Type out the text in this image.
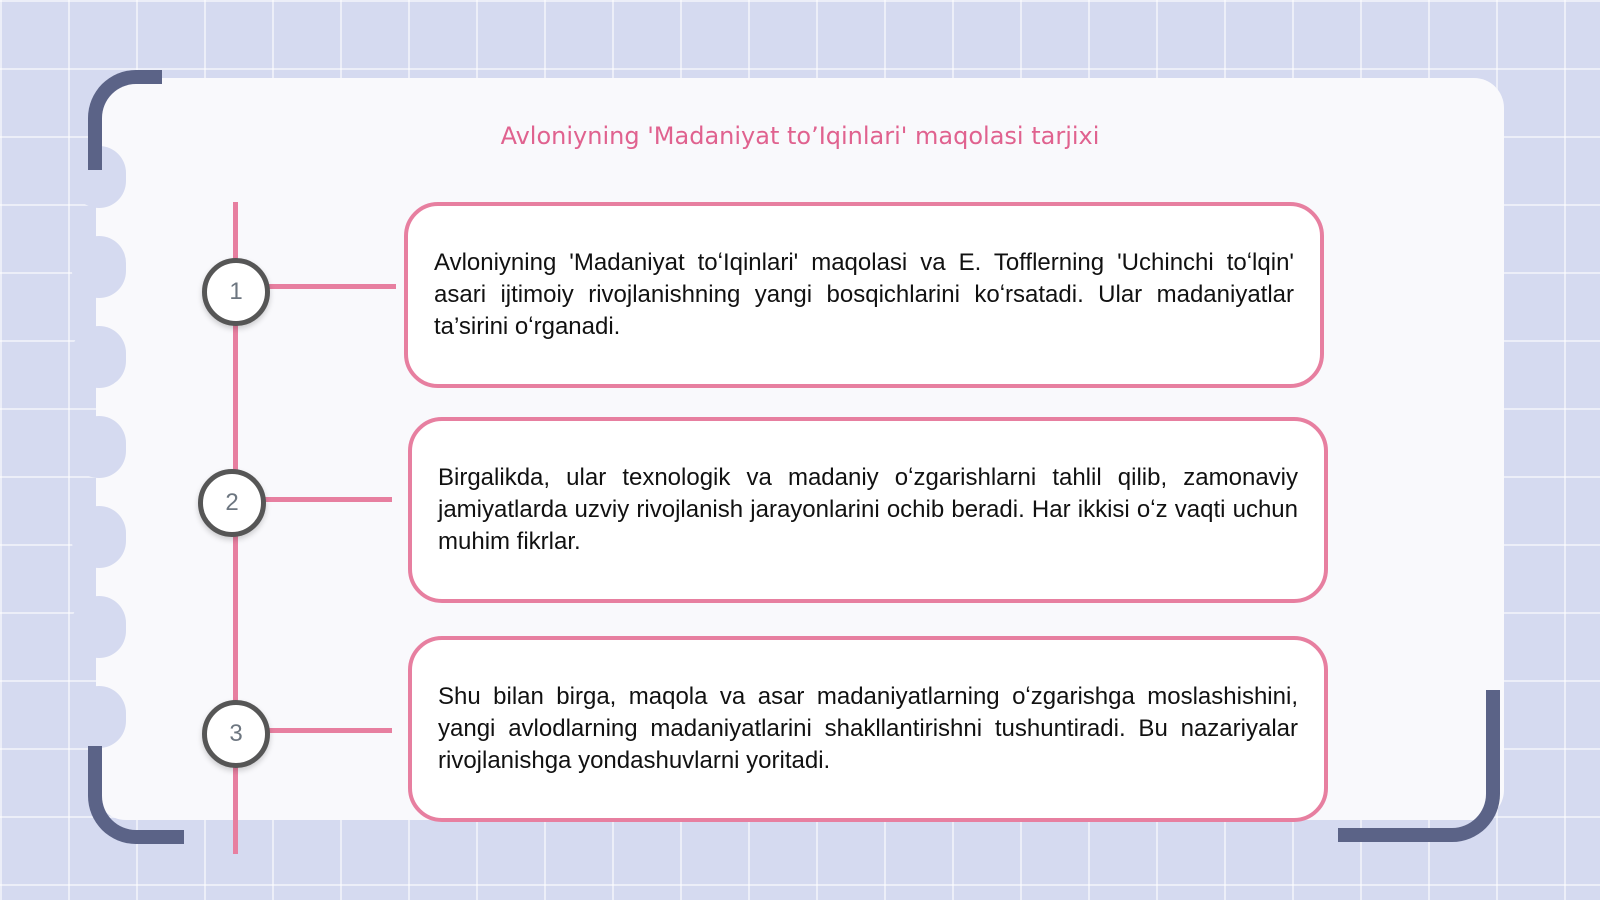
Avloniyning 'Madaniyat toʼIqinlari' maqolasi tarjixi
1
2
3
Avloniyning 'Madaniyat toʻIqinlari' maqolasi va E. Tofflerning 'Uchinchi toʻlqin' asari ijtimoiy rivojlanishning yangi bosqichlarini koʻrsatadi. Ular madaniyatlar ta’sirini oʻrganadi.
Birgalikda, ular texnologik va madaniy oʻzgarishlarni tahlil qilib, zamonaviy jamiyatlarda uzviy rivojlanish jarayonlarini ochib beradi. Har ikkisi oʻz vaqti uchun muhim fikrlar.
Shu bilan birga, maqola va asar madaniyatlarning oʻzgarishga moslashishini, yangi avlodlarning madaniyatlarini shakllantirishni tushuntiradi. Bu nazariyalar rivojlanishga yondashuvlarni yoritadi.
